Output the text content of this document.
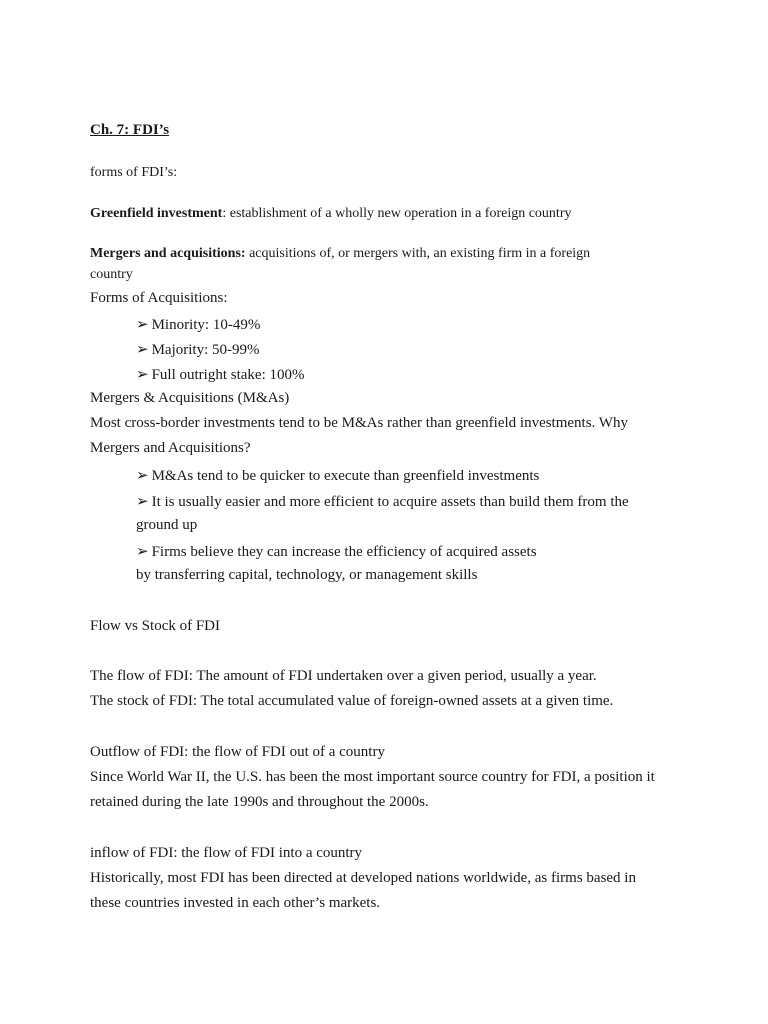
Ch. 7: FDI’s
forms of FDI’s:
Greenfield investment: establishment of a wholly new operation in a foreign country
Mergers and acquisitions: acquisitions of, or mergers with, an existing firm in a foreign
country
Forms of Acquisitions:
➢ Minority: 10-49%
➢ Majority: 50-99%
➢ Full outright stake: 100%
Mergers & Acquisitions (M&As)
Most cross-border investments tend to be M&As rather than greenfield investments. Why
Mergers and Acquisitions?
➢ M&As tend to be quicker to execute than greenfield investments
➢ It is usually easier and more efficient to acquire assets than build them from the
ground up
➢ Firms believe they can increase the efficiency of acquired assets
by transferring capital, technology, or management skills
Flow vs Stock of FDI
The flow of FDI: The amount of FDI undertaken over a given period, usually a year.
The stock of FDI: The total accumulated value of foreign-owned assets at a given time.
Outflow of FDI: the flow of FDI out of a country
Since World War II, the U.S. has been the most important source country for FDI, a position it
retained during the late 1990s and throughout the 2000s.
inflow of FDI: the flow of FDI into a country
Historically, most FDI has been directed at developed nations worldwide, as firms based in
these countries invested in each other’s markets.
